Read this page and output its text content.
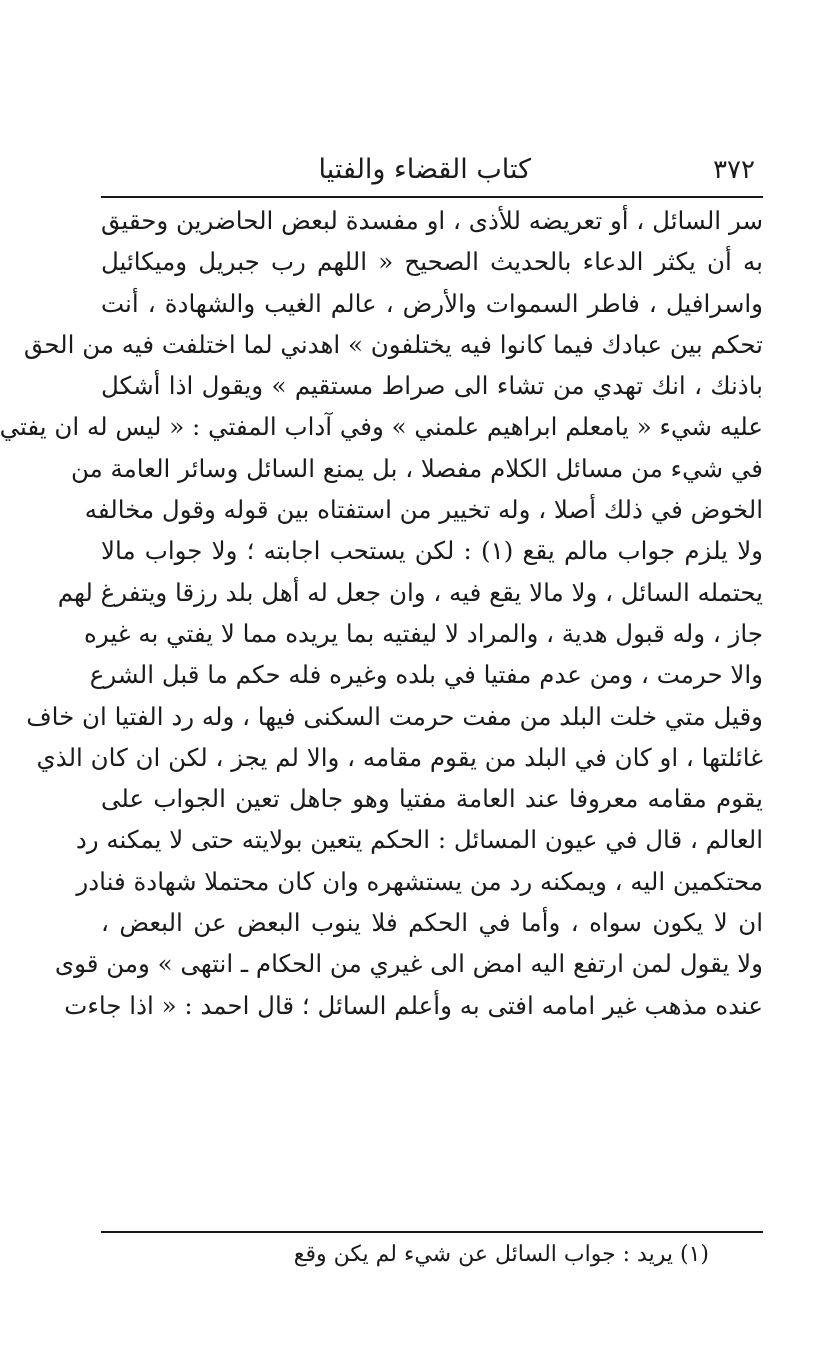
٣٧٢
كتاب القضاء والفتيا
سر السائل ، أو تعريضه للأذى ، او مفسدة لبعض الحاضرين وحقيق
به أن يكثر الدعاء بالحديث الصحيح « اللهم رب جبريل وميكائيل
واسرافيل ، فاطر السموات والأرض ، عالم الغيب والشهادة ، أنت
تحكم بين عبادك فيما كانوا فيه يختلفون » اهدني لما اختلفت فيه من الحق
باذنك ، انك تهدي من تشاء الى صراط مستقيم » ويقول اذا أشكل
عليه شيء « يامعلم ابراهيم علمني » وفي آداب المفتي : « ليس له ان يفتي
في شيء من مسائل الكلام مفصلا ، بل يمنع السائل وسائر العامة من
الخوض في ذلك أصلا ، وله تخيير من استفتاه بين قوله وقول مخالفه
ولا يلزم جواب مالم يقع (١) : لكن يستحب اجابته ؛ ولا جواب مالا
يحتمله السائل ، ولا مالا يقع فيه ، وان جعل له أهل بلد رزقا ويتفرغ لهم
جاز ، وله قبول هدية ، والمراد لا ليفتيه بما يريده مما لا يفتي به غيره
والا حرمت ، ومن عدم مفتيا في بلده وغيره فله حكم ما قبل الشرع
وقيل متي خلت البلد من مفت حرمت السكنى فيها ، وله رد الفتيا ان خاف
غائلتها ، او كان في البلد من يقوم مقامه ، والا لم يجز ، لكن ان كان الذي
يقوم مقامه معروفا عند العامة مفتيا وهو جاهل تعين الجواب على
العالم ، قال في عيون المسائل : الحكم يتعين بولايته حتى لا يمكنه رد
محتكمين اليه ، ويمكنه رد من يستشهره وان كان محتملا شهادة فنادر
ان لا يكون سواه ، وأما في الحكم فلا ينوب البعض عن البعض ،
ولا يقول لمن ارتفع اليه امض الى غيري من الحكام ـ انتهى » ومن قوى
عنده مذهب غير امامه افتى به وأعلم السائل ؛ قال احمد : « اذا جاءت
(١) يريد : جواب السائل عن شيء لم يكن وقع
